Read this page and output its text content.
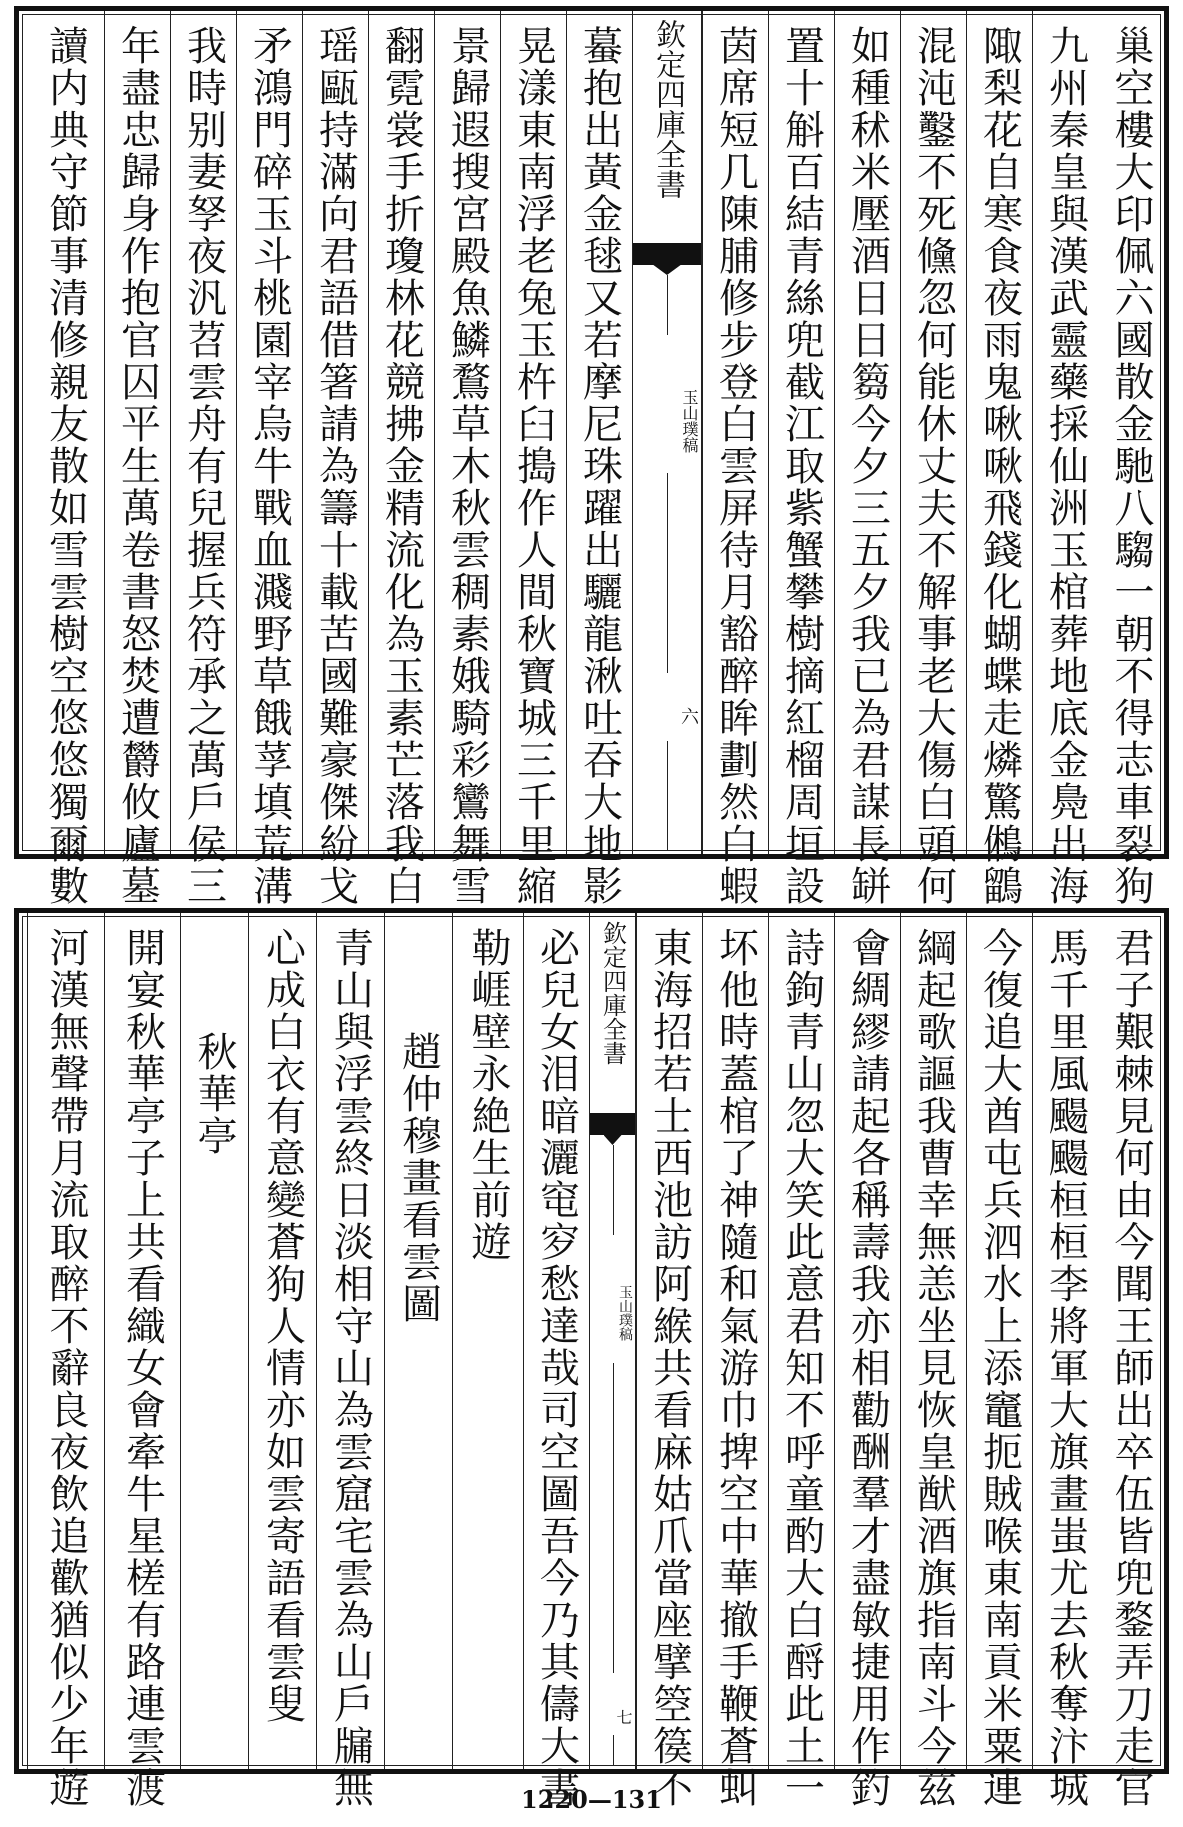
巢空樓大印佩六國散金馳八騶一朝不得志車裂狗
九州秦皇與漢武靈藥採仙洲玉棺葬地底金鳧出海
陬梨花自寒食夜雨鬼啾啾飛錢化蝴蝶走燐驚鵂鶹
混沌鑿不死儵忽何能休丈夫不解事老大傷白頭何
如種秫米壓酒日日篘今夕三五夕我已為君謀長缾
置十斛百結青絲兜截江取紫蟹攀樹摘紅榴周垣設
茵席短几陳脯修步登白雲屏待月豁醉眸劃然白蝦
蟇抱出黃金毬又若摩尼珠躍出驪龍湫吐吞大地影
晃漾東南浮老兔玉杵臼搗作人間秋寶城三千里縮
景歸遐搜宮殿魚鱗鶩草木秋雲稠素娥騎彩鸞舞雪
翻霓裳手折瓊林花競拂金精流化為玉素芒落我白
瑶甌持滿向君語借箸請為籌十載苦國難豪傑紛戈
矛鴻門碎玉斗桃園宰烏牛戰血濺野草餓莩填荒溝
我時别妻孥夜汎苕雲舟有兒握兵符承之萬戶侯三
年盡忠歸身作抱官囚平生萬卷書怒焚遭欝攸廬墓
讀内典守節事清修親友散如雪雲樹空悠悠獨爾數	欽定四庫全書
玉山璞稿
六
君子艱棘見何由今聞王師出卒伍皆兜鍪弄刀走官
馬千里風颺颺桓桓李將軍大旗畫蚩尤去秋奪汴城
今復追大酋屯兵泗水上添竈扼賊喉東南貢米粟連
綱起歌謳我曹幸無恙坐見恢皇猷酒旗指南斗今兹
會綢繆請起各稱壽我亦相勸酬羣才盡敏捷用作釣
詩鉤青山忽大笑此意君知不呼童酌大白酹此土一
坏他時蓋棺了神隨和氣游巾捭空中華撤手鞭蒼虯
東海招若士西池訪阿緱共看麻姑爪當座擘箜篌不
必兒女泪暗灑窀穸愁達哉司空圖吾今乃其儔大書
勒崕壁永絶生前遊
趙仲穆畫看雲圖
青山與浮雲終日淡相守山為雲窟宅雲為山戶牖無
心成白衣有意變蒼狗人情亦如雲寄語看雲叟
秋華亭
開宴秋華亭子上共看織女會牽牛星槎有路連雲渡
河漢無聲帶月流取醉不辭良夜飲追歡猶似少年遊	欽定四庫全書
玉山璞稿
七
1220—131
